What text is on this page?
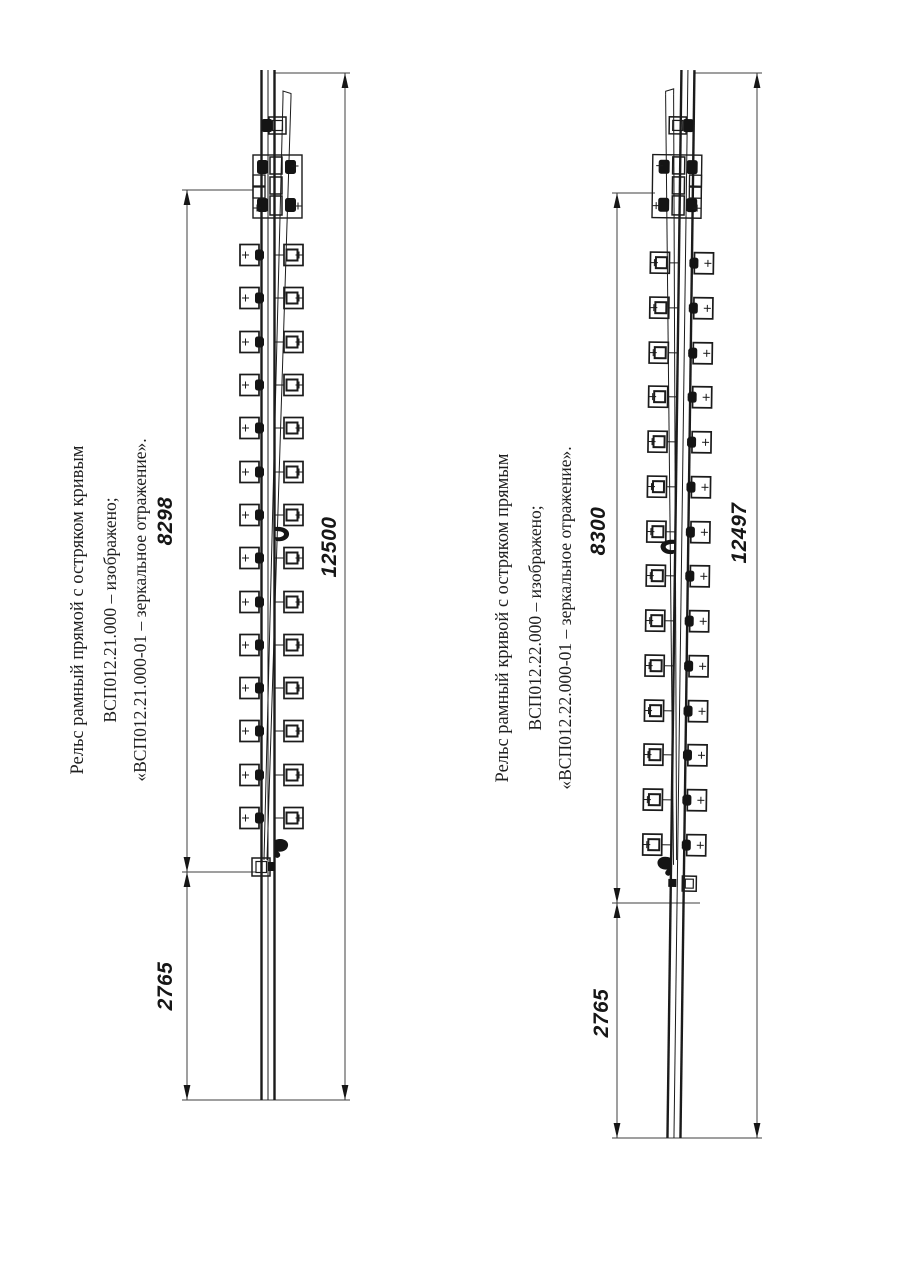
Рельс рамный прямой с остряком кривым ВСП012.21.000 – изображено; «ВСП012.21.000-01 – зеркальное отражение».	Рельс рамный кривой с остряком прямым ВСП012.22.000 – изображено; «ВСП012.22.000-01 – зеркальное отражение».
8298	12500
2765
8300	12497
2765
